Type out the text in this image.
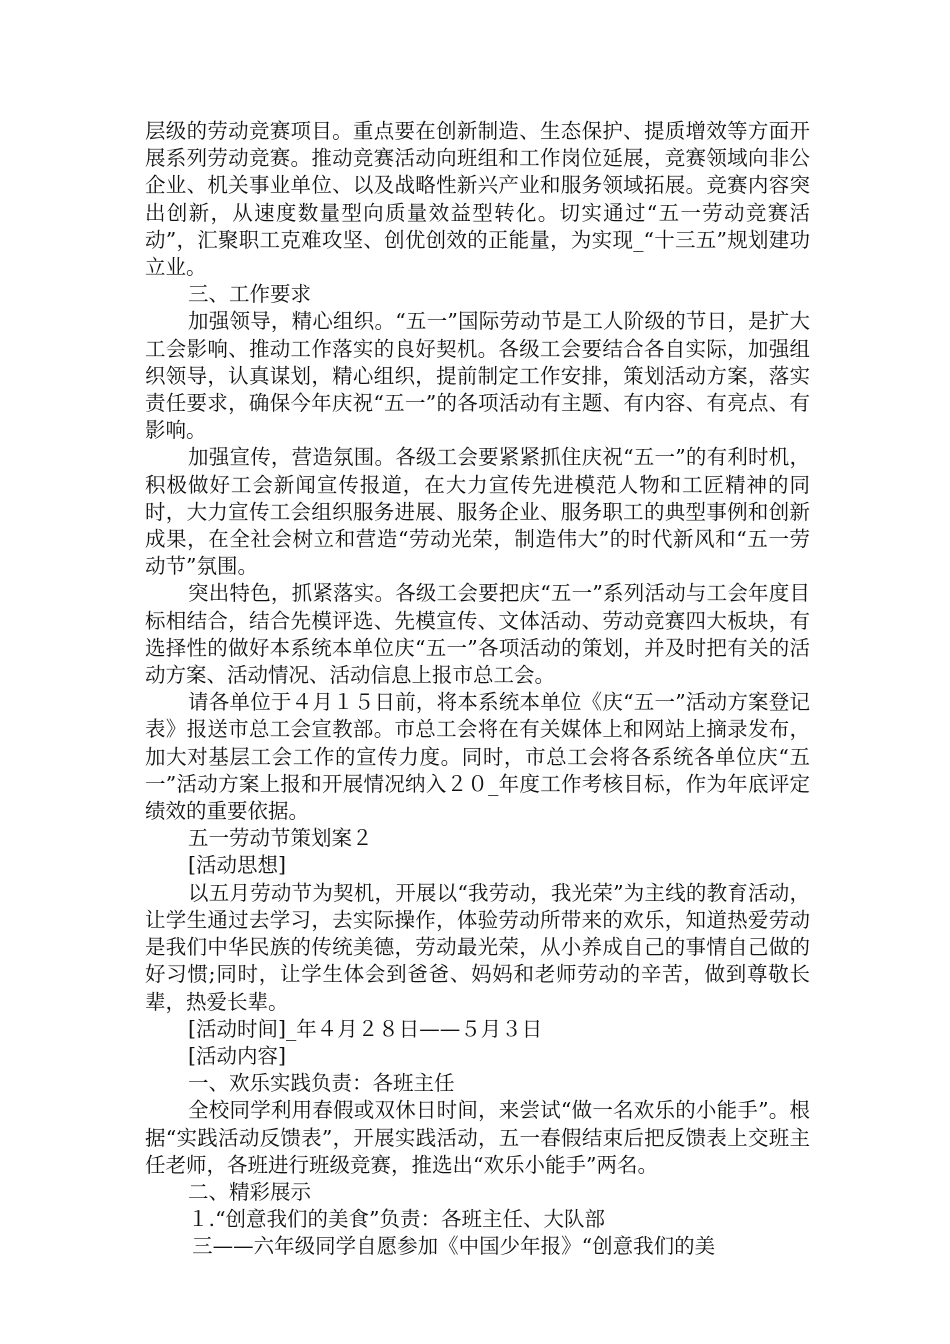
层级的劳动竞赛项目。重点要在创新制造、生态保护、提质增效等方面开展系列劳动竞赛。推动竞赛活动向班组和工作岗位延展，竞赛领域向非公企业、机关事业单位、以及战略性新兴产业和服务领域拓展。竞赛内容突出创新，从速度数量型向质量效益型转化。切实通过“五一劳动竞赛活动”，汇聚职工克难攻坚、创优创效的正能量，为实现_“十三五”规划建功立业。

三、工作要求

加强领导，精心组织。“五一”国际劳动节是工人阶级的节日，是扩大工会影响、推动工作落实的良好契机。各级工会要结合各自实际，加强组织领导，认真谋划，精心组织，提前制定工作安排，策划活动方案，落实责任要求，确保今年庆祝“五一”的各项活动有主题、有内容、有亮点、有影响。

加强宣传，营造氛围。各级工会要紧紧抓住庆祝“五一”的有利时机，积极做好工会新闻宣传报道，在大力宣传先进模范人物和工匠精神的同时，大力宣传工会组织服务进展、服务企业、服务职工的典型事例和创新成果，在全社会树立和营造“劳动光荣，制造伟大”的时代新风和“五一劳动节”氛围。

突出特色，抓紧落实。各级工会要把庆“五一”系列活动与工会年度目标相结合，结合先模评选、先模宣传、文体活动、劳动竞赛四大板块，有选择性的做好本系统本单位庆“五一”各项活动的策划，并及时把有关的活动方案、活动情况、活动信息上报市总工会。

请各单位于４月１５日前，将本系统本单位《庆“五一”活动方案登记表》报送市总工会宣教部。市总工会将在有关媒体上和网站上摘录发布，加大对基层工会工作的宣传力度。同时，市总工会将各系统各单位庆“五一”活动方案上报和开展情况纳入２０_年度工作考核目标，作为年底评定绩效的重要依据。

五一劳动节策划案２

[活动思想]

以五月劳动节为契机，开展以“我劳动，我光荣”为主线的教育活动，让学生通过去学习，去实际操作，体验劳动所带来的欢乐，知道热爱劳动是我们中华民族的传统美德，劳动最光荣，从小养成自己的事情自己做的好习惯;同时，让学生体会到爸爸、妈妈和老师劳动的辛苦，做到尊敬长辈，热爱长辈。

[活动时间]_年４月２８日——５月３日

[活动内容]

一、欢乐实践负责：各班主任

全校同学利用春假或双休日时间，来尝试“做一名欢乐的小能手”。根据“实践活动反馈表”，开展实践活动，五一春假结束后把反馈表上交班主任老师，各班进行班级竞赛，推选出“欢乐小能手”两名。

二、精彩展示

１.“创意我们的美食”负责：各班主任、大队部

三——六年级同学自愿参加《中国少年报》“创意我们的美
